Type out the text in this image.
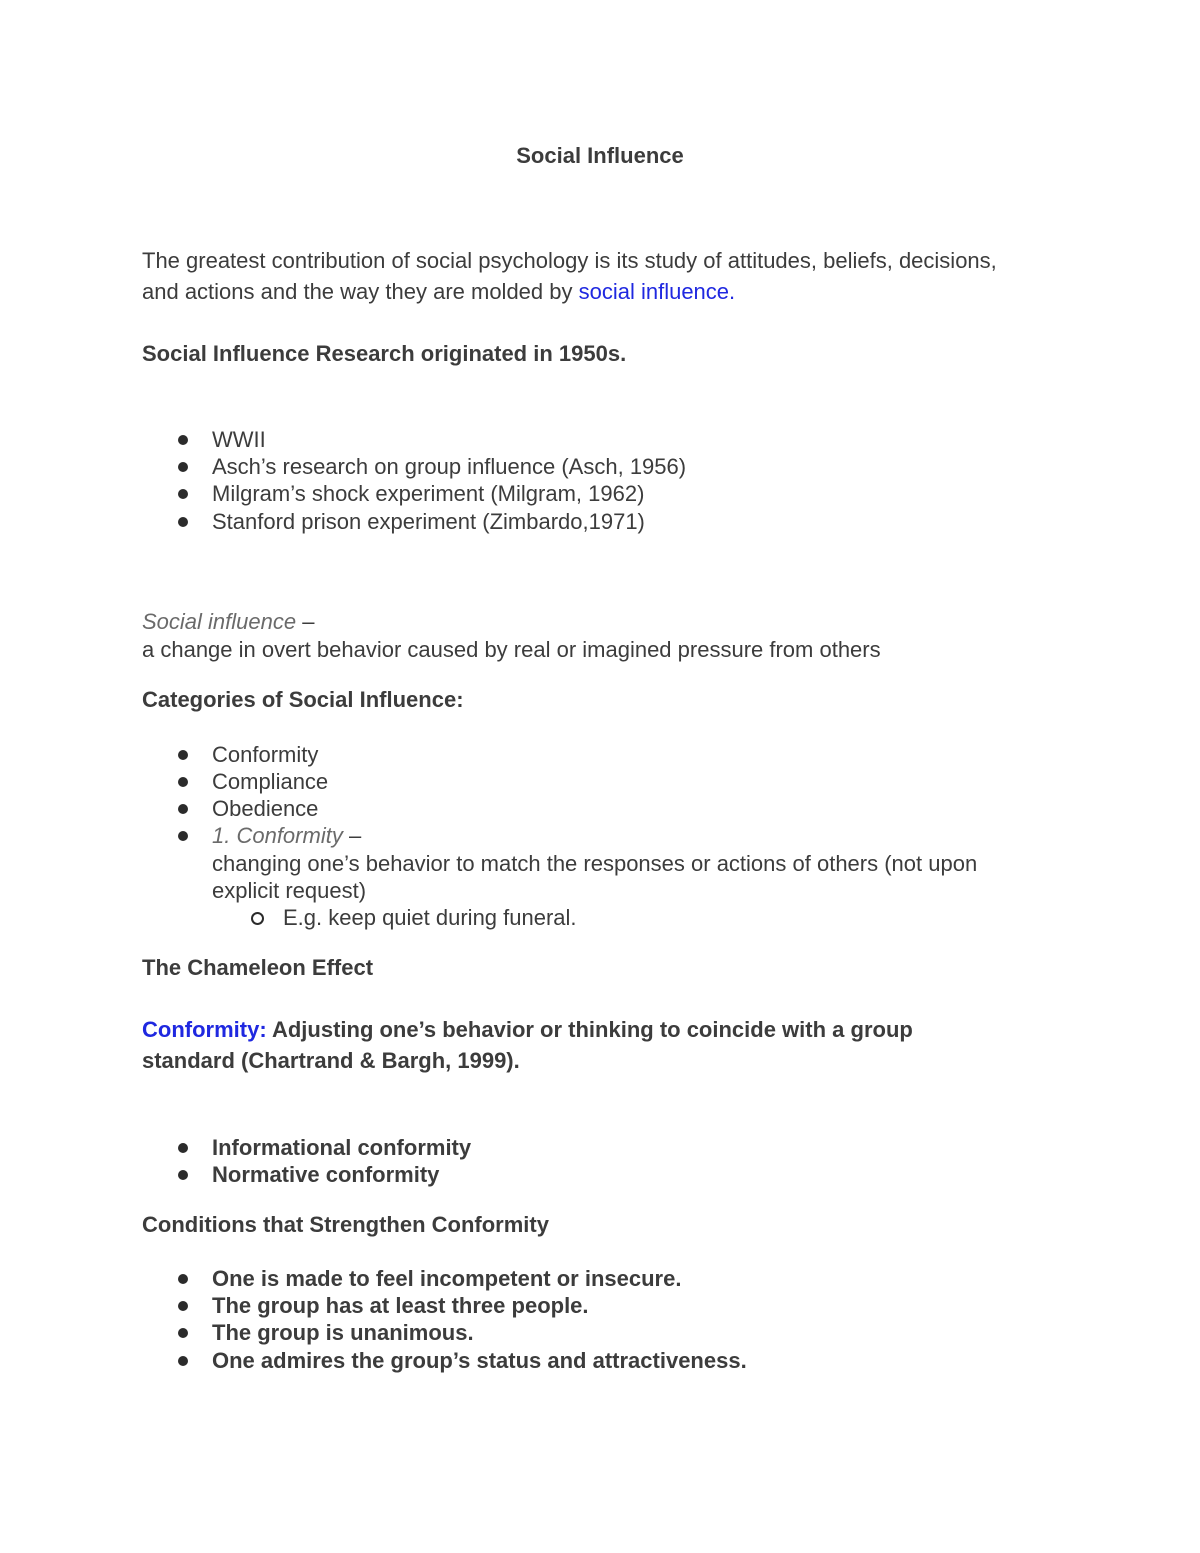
Social Influence
The greatest contribution of social psychology is its study of attitudes, beliefs, decisions,
and actions and the way they are molded by social influence.
Social Influence Research originated in 1950s.
WWII
Asch’s research on group influence (Asch, 1956)
Milgram’s shock experiment (Milgram, 1962)
Stanford prison experiment (Zimbardo,1971)
Social influence –
a change in overt behavior caused by real or imagined pressure from others
Categories of Social Influence:
Conformity
Compliance
Obedience
1. Conformity –
changing one’s behavior to match the responses or actions of others (not upon
explicit request)
E.g. keep quiet during funeral.
The Chameleon Effect
Conformity: Adjusting one’s behavior or thinking to coincide with a group
standard (Chartrand & Bargh, 1999).
Informational conformity
Normative conformity
Conditions that Strengthen Conformity
One is made to feel incompetent or insecure.
The group has at least three people.
The group is unanimous.
One admires the group’s status and attractiveness.
